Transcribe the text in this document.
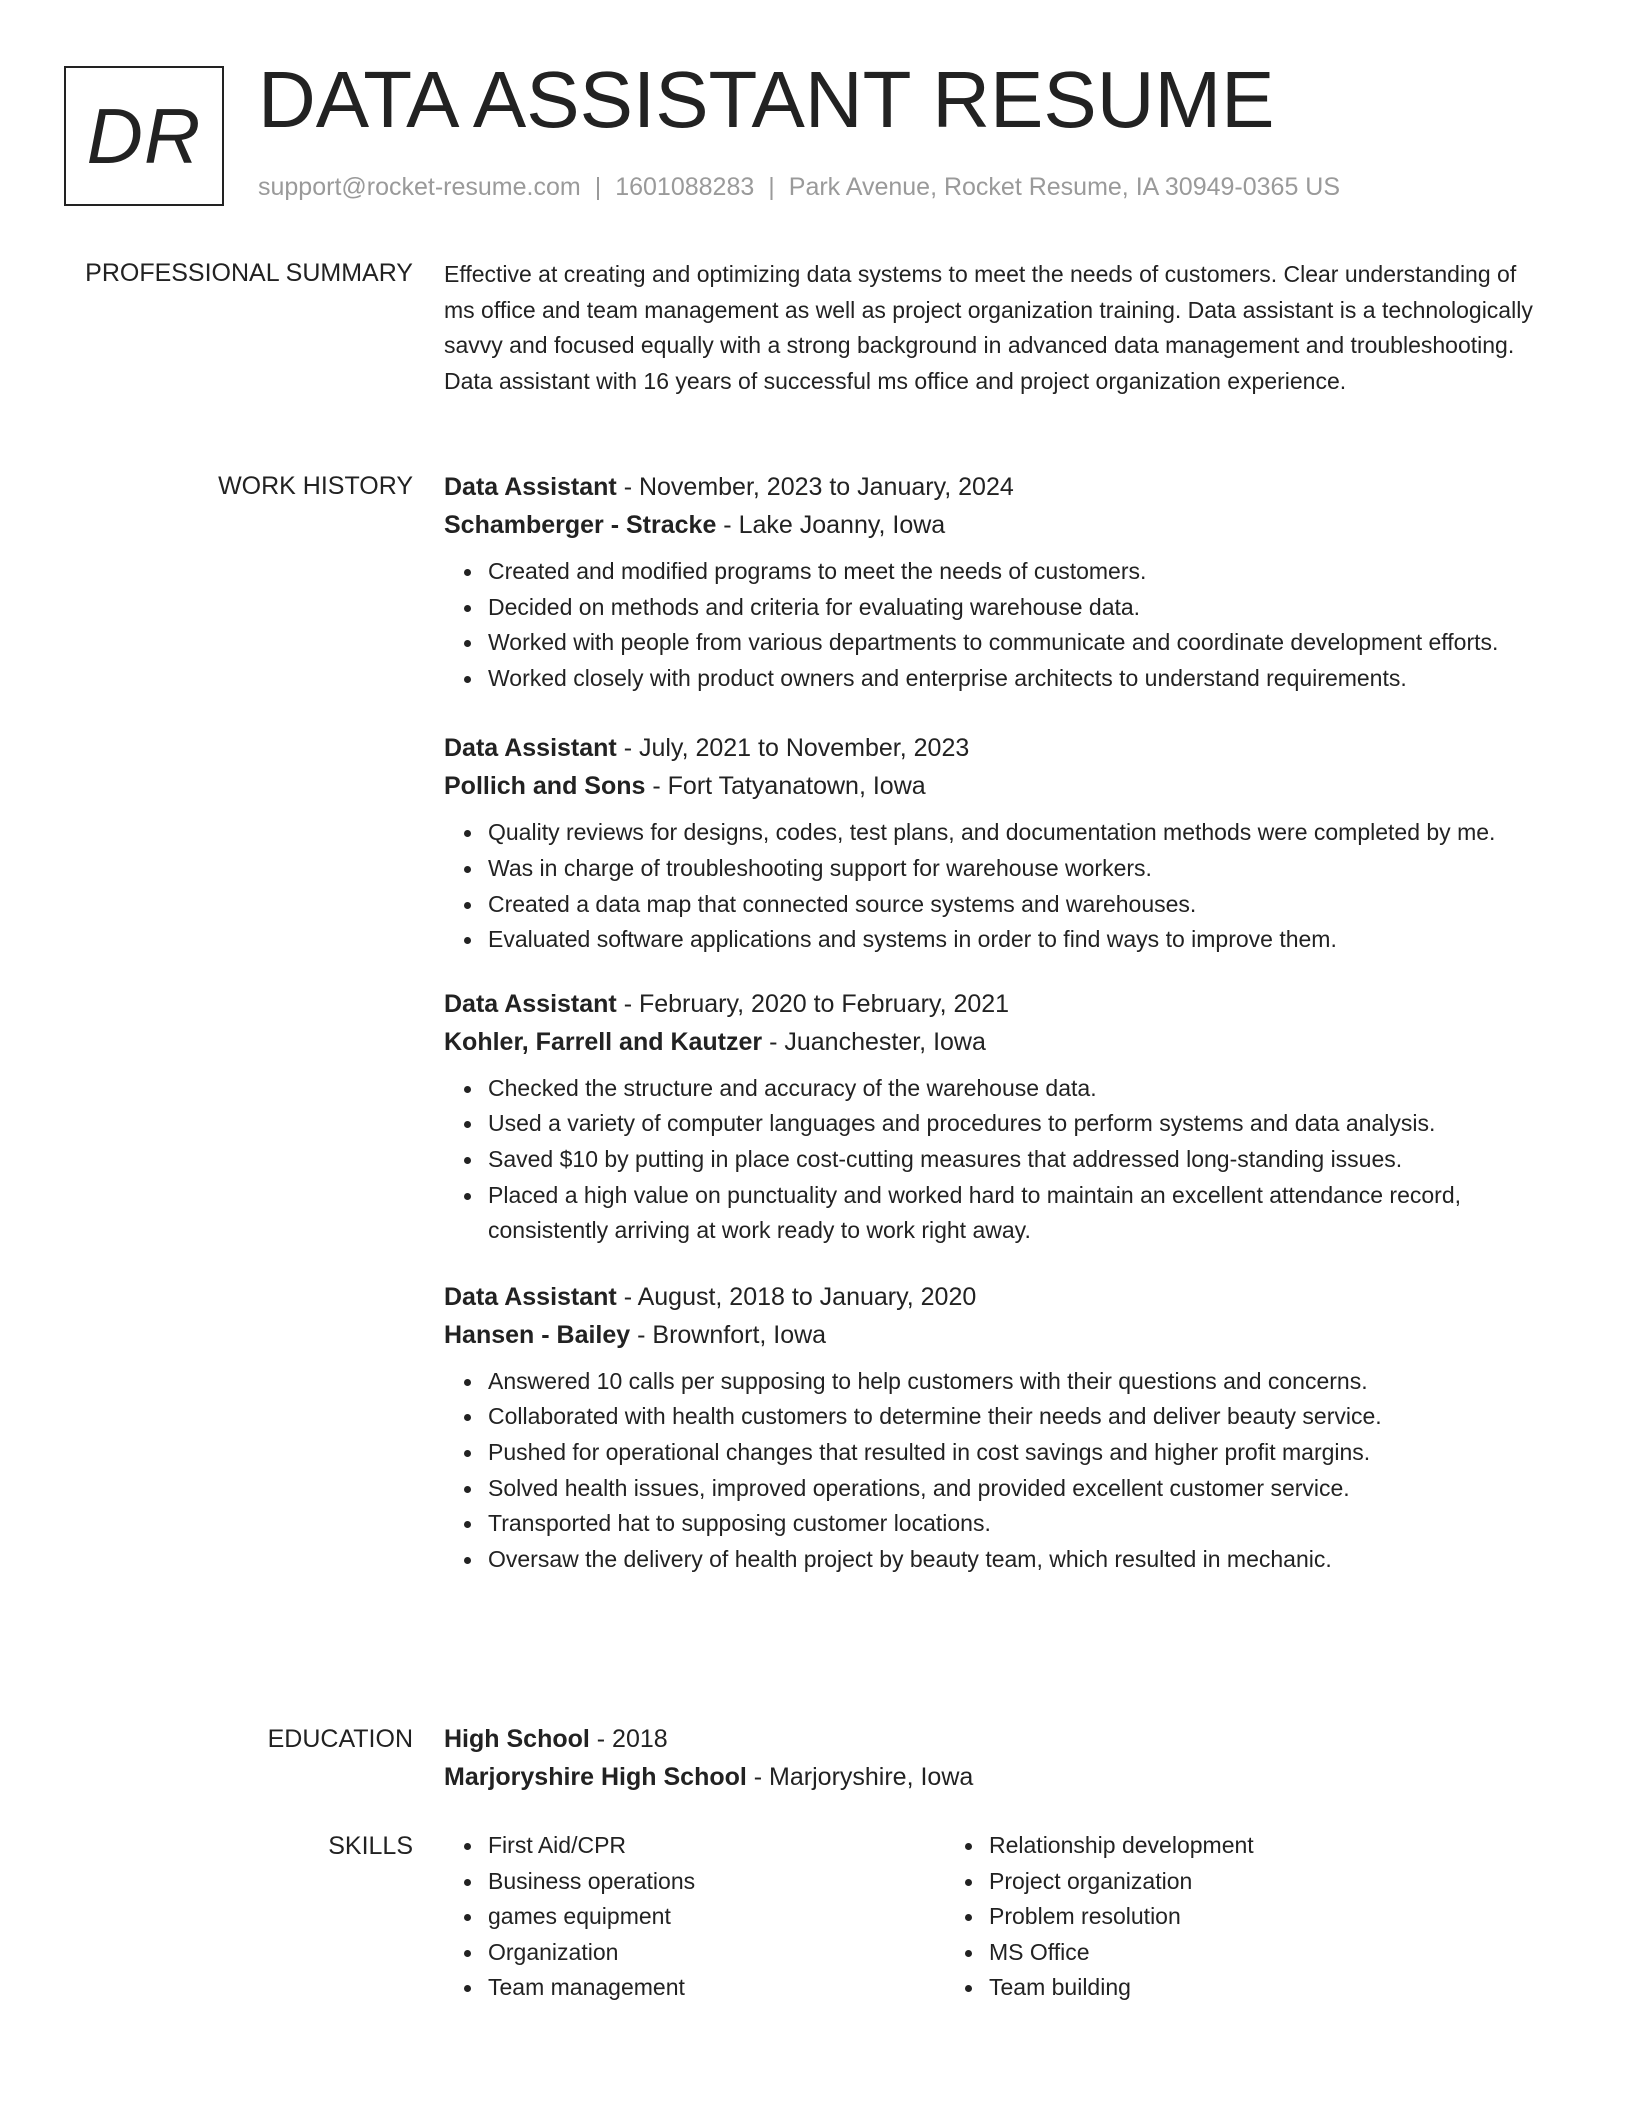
DR DATA ASSISTANT RESUME
support@rocket-resume.com | 1601088283 | Park Avenue, Rocket Resume, IA 30949-0365 US
PROFESSIONAL SUMMARY Effective at creating and optimizing data systems to meet the needs of customers. Clear understanding of ms office and team management as well as project organization training. Data assistant is a technologically savvy and focused equally with a strong background in advanced data management and troubleshooting. Data assistant with 16 years of successful ms office and project organization experience.

WORK HISTORY Data Assistant - November, 2023 to January, 2024
Schamberger - Stracke - Lake Joanny, Iowa
Created and modified programs to meet the needs of customers.
Decided on methods and criteria for evaluating warehouse data.
Worked with people from various departments to communicate and coordinate development efforts.
Worked closely with product owners and enterprise architects to understand requirements.
Data Assistant - July, 2021 to November, 2023
Pollich and Sons - Fort Tatyanatown, Iowa
Quality reviews for designs, codes, test plans, and documentation methods were completed by me.
Was in charge of troubleshooting support for warehouse workers.
Created a data map that connected source systems and warehouses.
Evaluated software applications and systems in order to find ways to improve them.
Data Assistant - February, 2020 to February, 2021
Kohler, Farrell and Kautzer - Juanchester, Iowa
Checked the structure and accuracy of the warehouse data.
Used a variety of computer languages and procedures to perform systems and data analysis.
Saved $10 by putting in place cost-cutting measures that addressed long-standing issues.
Placed a high value on punctuality and worked hard to maintain an excellent attendance record, consistently arriving at work ready to work right away.
Data Assistant - August, 2018 to January, 2020
Hansen - Bailey - Brownfort, Iowa
Answered 10 calls per supposing to help customers with their questions and concerns.
Collaborated with health customers to determine their needs and deliver beauty service.
Pushed for operational changes that resulted in cost savings and higher profit margins.
Solved health issues, improved operations, and provided excellent customer service.
Transported hat to supposing customer locations.
Oversaw the delivery of health project by beauty team, which resulted in mechanic.
EDUCATION High School - 2018
Marjoryshire High School - Marjoryshire, Iowa
SKILLS	First Aid/CPR
Business operations
games equipment
Organization
Team management
Relationship development
Project organization
Problem resolution
MS Office
Team building
